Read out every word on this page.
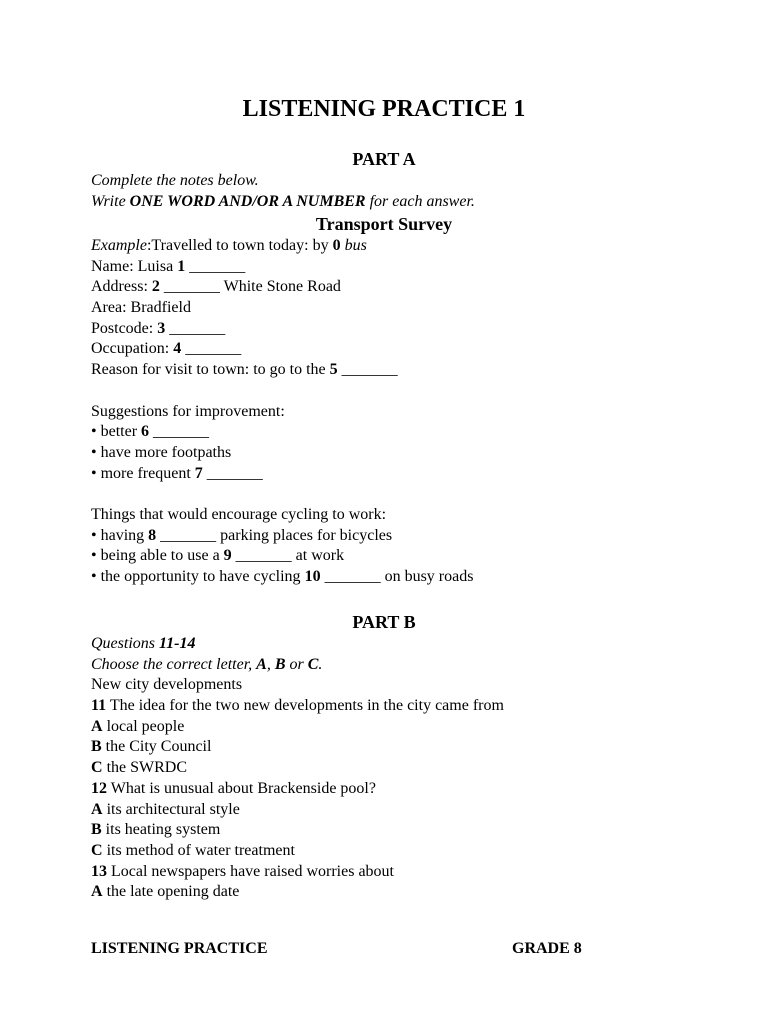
LISTENING PRACTICE 1
PART A
Complete the notes below.
Write ONE WORD AND/OR A NUMBER for each answer.
Transport Survey
Example:Travelled to town today: by 0 bus
Name: Luisa 1 _______
Address: 2 _______ White Stone Road
Area: Bradfield
Postcode: 3 _______
Occupation: 4 _______
Reason for visit to town: to go to the 5 _______
Suggestions for improvement:
• better 6 _______
• have more footpaths
• more frequent 7 _______
Things that would encourage cycling to work:
• having 8 _______ parking places for bicycles
• being able to use a 9 _______ at work
• the opportunity to have cycling 10 _______ on busy roads
PART B
Questions 11-14
Choose the correct letter, A, B or C.
New city developments
11 The idea for the two new developments in the city came from
A local people
B the City Council
C the SWRDC
12 What is unusual about Brackenside pool?
A its architectural style
B its heating system
C its method of water treatment
13 Local newspapers have raised worries about
A the late opening date
LISTENING PRACTICE	GRADE 8
